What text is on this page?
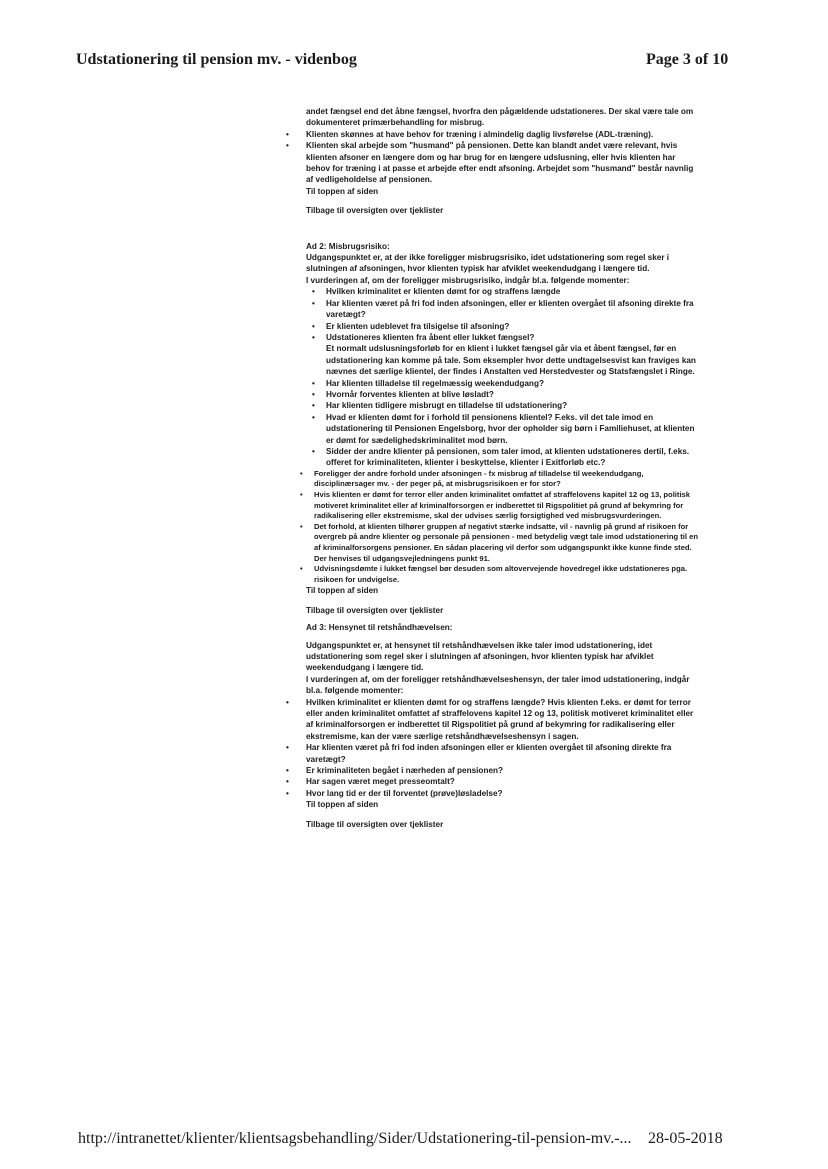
Udstationering til pension mv. - videnbog	Page 3 of 10

andet fængsel end det åbne fængsel, hvorfra den pågældende udstationeres. Der skal være tale om dokumenteret primærbehandling for misbrug.

• Klienten skønnes at have behov for træning i almindelig daglig livsførelse (ADL-træning).
• Klienten skal arbejde som "husmand" på pensionen. Dette kan blandt andet være relevant, hvis klienten afsoner en længere dom og har brug for en længere udslusning, eller hvis klienten har behov for træning i at passe et arbejde efter endt afsoning. Arbejdet som "husmand" består navnlig af vedligeholdelse af pensionen.

Til toppen af siden

Tilbage til oversigten over tjeklister

Ad 2: Misbrugsrisiko:

Udgangspunktet er, at der ikke foreligger misbrugsrisiko, idet udstationering som regel sker i slutningen af afsoningen, hvor klienten typisk har afviklet weekendudgang i længere tid.

I vurderingen af, om der foreligger misbrugsrisiko, indgår bl.a. følgende momenter:

• Hvilken kriminalitet er klienten dømt for og straffens længde
• Har klienten været på fri fod inden afsoningen, eller er klienten overgået til afsoning direkte fra varetægt?
• Er klienten udeblevet fra tilsigelse til afsoning?
• Udstationeres klienten fra åbent eller lukket fængsel?
Et normalt udslusningsforløb for en klient i lukket fængsel går via et åbent fængsel, før en udstationering kan komme på tale. Som eksempler hvor dette undtagelsesvist kan fraviges kan nævnes det særlige klientel, der findes i Anstalten ved Herstedvester og Statsfængslet i Ringe.
• Har klienten tilladelse til regelmæssig weekendudgang?
• Hvornår forventes klienten at blive løsladt?
• Har klienten tidligere misbrugt en tilladelse til udstationering?
• Hvad er klienten dømt for i forhold til pensionens klientel? F.eks. vil det tale imod en udstationering til Pensionen Engelsborg, hvor der opholder sig børn i Familiehuset, at klienten er dømt for sædelighedskriminalitet mod børn.
• Sidder der andre klienter på pensionen, som taler imod, at klienten udstationeres dertil, f.eks. offeret for kriminaliteten, klienter i beskyttelse, klienter i Exitforløb etc.?
• Foreligger der andre forhold under afsoningen - fx misbrug af tilladelse til weekendudgang, disciplinærsager mv. - der peger på, at misbrugsrisikoen er for stor?
• Hvis klienten er dømt for terror eller anden kriminalitet omfattet af straffelovens kapitel 12 og 13, politisk motiveret kriminalitet eller af kriminalforsorgen er indberettet til Rigspolitiet på grund af bekymring for radikalisering eller ekstremisme, skal der udvises særlig forsigtighed ved misbrugsvurderingen.
• Det forhold, at klienten tilhører gruppen af negativt stærke indsatte, vil - navnlig på grund af risikoen for overgreb på andre klienter og personale på pensionen - med betydelig vægt tale imod udstationering til en af kriminalforsorgens pensioner. En sådan placering vil derfor som udgangspunkt ikke kunne finde sted. Der henvises til udgangsvejledningens punkt 91.
• Udvisningsdømte i lukket fængsel bør desuden som altovervejende hovedregel ikke udstationeres pga. risikoen for undvigelse.

Til toppen af siden

Tilbage til oversigten over tjeklister

Ad 3: Hensynet til retshåndhævelsen:

Udgangspunktet er, at hensynet til retshåndhævelsen ikke taler imod udstationering, idet udstationering som regel sker i slutningen af afsoningen, hvor klienten typisk har afviklet weekendudgang i længere tid.

I vurderingen af, om der foreligger retshåndhævelseshensyn, der taler imod udstationering, indgår bl.a. følgende momenter:

• Hvilken kriminalitet er klienten dømt for og straffens længde? Hvis klienten f.eks. er dømt for terror eller anden kriminalitet omfattet af straffelovens kapitel 12 og 13, politisk motiveret kriminalitet eller af kriminalforsorgen er indberettet til Rigspolitiet på grund af bekymring for radikalisering eller ekstremisme, kan der være særlige retshåndhævelseshensyn i sagen.
• Har klienten været på fri fod inden afsoningen eller er klienten overgået til afsoning direkte fra varetægt?
• Er kriminaliteten begået i nærheden af pensionen?
• Har sagen været meget presseomtalt?
• Hvor lang tid er der til forventet (prøve)løsladelse?

Til toppen af siden

Tilbage til oversigten over tjeklister

http://intranettet/klienter/klientsagsbehandling/Sider/Udstationering-til-pension-mv.-...	28-05-2018
